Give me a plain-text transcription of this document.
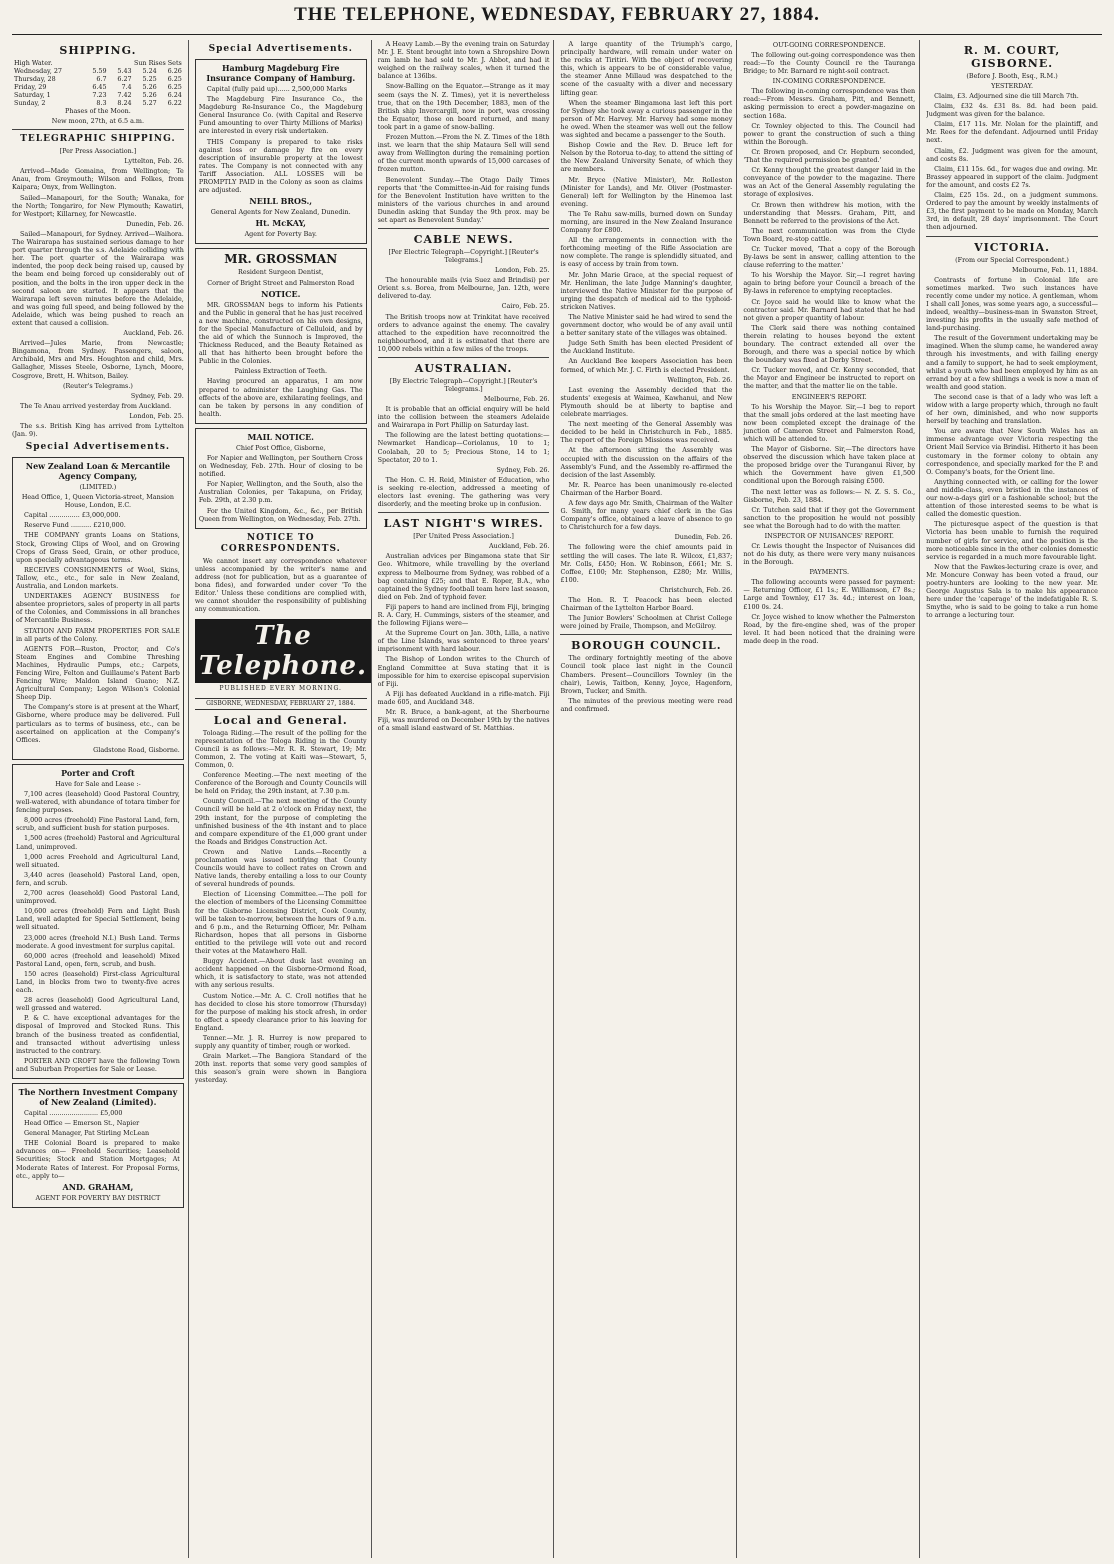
THE TELEPHONE, WEDNESDAY, FEBRUARY 27, 1884.
SHIPPING.
High Water.	Sun Rises Sets			
Wednesday, 27	5.59	5.43	5.24	6.26
Thursday, 28	6.7	6.27	5.25	6.25
Friday, 29	6.45	7.4	5.26	6.25
Saturday, 1	7.23	7.42	5.26	6.24
Sunday, 2	8.3	8.24	5.27	6.22

Phases of the Moon.

New moon, 27th, at 6.5 a.m.

TELEGRAPHIC SHIPPING.
[Per Press Association.]

Lyttelton, Feb. 26.

Arrived—Made Gomaina, from Wellington; Te Anau, from Greymouth; Wilson and Folkes, from Kaipara; Onyx, from Wellington.

Sailed—Manapouri, for the South; Wanaka, for the North; Tongariro, for New Plymouth; Kawatiri, for Westport; Killarney, for Newcastle.

Dunedin, Feb. 26.

Sailed—Manapouri, for Sydney. Arrived—Waihora. The Wairarapa has sustained serious damage to her port quarter through the s.s. Adelaide colliding with her. The port quarter of the Wairarapa was indented, the poop deck being raised up, caused by the beam end being forced up considerably out of position, and the bolts in the iron upper deck in the second saloon are started. It appears that the Wairarapa left seven minutes before the Adelaide, and was going full speed, and being followed by the Adelaide, which was being pushed to reach an extent that caused a collision.

Auckland, Feb. 26.

Arrived—Jules Marie, from Newcastle; Bingamona, from Sydney. Passengers, saloon, Archibald, Mrs and Mrs. Houghton and child, Mrs. Gallagher, Misses Steele, Osborne, Lynch, Moore, Cosgrove, Brett, H. Whitson, Bailey.

(Reuter's Telegrams.)

Sydney, Feb. 29.

The Te Anau arrived yesterday from Auckland.

London, Feb. 25.

The s.s. British King has arrived from Lyttelton (Jan. 9).

Special Advertisements.
New Zealand Loan & Mercantile Agency Company,
(LIMITED.)

Head Office, 1, Queen Victoria-street, Mansion House, London, E.C.

Capital ............... £3,000,000.

Reserve Fund .......... £210,000.

THE COMPANY grants Loans on Stations, Stock, Growing Clips of Wool, and on Growing Crops of Grass Seed, Grain, or other produce, upon specially advantageous terms.

RECEIVES CONSIGNMENTS of Wool, Skins, Tallow, etc., etc., for sale in New Zealand, Australia, and London markets.

UNDERTAKES AGENCY BUSINESS for absentee proprietors, sales of property in all parts of the Colonies, and Commissions in all branches of Mercantile Business.

STATION AND FARM PROPERTIES FOR SALE in all parts of the Colony.

AGENTS FOR—Ruston, Proctor, and Co's Steam Engines and Combine Threshing Machines, Hydraulic Pumps, etc.; Carpets, Fencing Wire, Felton and Guillaume's Patent Barb Fencing Wire; Maldon Island Guano; N.Z. Agricultural Company; Legon Wilson's Colonial Sheep Dip.

The Company's store is at present at the Wharf, Gisborne, where produce may be delivered. Full particulars as to terms of business, etc., can be ascertained on application at the Company's Offices.

Gladstone Road, Gisborne.

Porter and Croft

Have for Sale and Lease :-

7,100 acres (leasehold) Good Pastoral Country, well-watered, with abundance of totara timber for fencing purposes.

8,000 acres (freehold) Fine Pastoral Land, fern, scrub, and sufficient bush for station purposes.

1,500 acres (freehold) Pastoral and Agricultural Land, unimproved.

1,000 acres Freehold and Agricultural Land, well situated.

3,440 acres (leasehold) Pastoral Land, open, fern, and scrub.

2,700 acres (leasehold) Good Pastoral Land, unimproved.

10,600 acres (freehold) Fern and Light Bush Land, well adapted for Special Settlement, being well situated.

23,000 acres (freehold N.I.) Bush Land. Terms moderate. A good investment for surplus capital.

60,000 acres (freehold and leasehold) Mixed Pastoral Land, open, fern, scrub, and bush.

150 acres (leasehold) First-class Agricultural Land, in blocks from two to twenty-five acres each.

28 acres (leasehold) Good Agricultural Land, well grassed and watered.

P. & C. have exceptional advantages for the disposal of Improved and Stocked Runs. This branch of the business treated as confidential, and transacted without advertising unless instructed to the contrary.

PORTER AND CROFT have the following Town and Suburban Properties for Sale or Lease.

The Northern Investment Company of New Zealand (Limited).

Capital ........................ £5,000

Head Office — Emerson St., Napier

General Manager, Pat Stirling McLean

THE Colonial Board is prepared to make advances on— Freehold Securities; Leasehold Securities; Stock and Station Mortgages; At Moderate Rates of Interest. For Proposal Forms, etc., apply to—

AND. GRAHAM,

AGENT FOR POVERTY BAY DISTRICT

Special Advertisements.
Hamburg Magdeburg Fire Insurance Company of Hamburg.

Capital (fully paid up)...... 2,500,000 Marks

The Magdeburg Fire Insurance Co., the Magdeburg Re-Insurance Co., the Magdeburg General Insurance Co. (with Capital and Reserve Fund amounting to over Thirty Millions of Marks) are interested in every risk undertaken.

THIS Company is prepared to take risks against loss or damage by fire on every description of insurable property at the lowest rates. The Company is not connected with any Tariff Association. ALL LOSSES will be PROMPTLY PAID in the Colony as soon as claims are adjusted.

NEILL BROS.,

General Agents for New Zealand, Dunedin.

Ht. McKAY,

Agent for Poverty Bay.

MR. GROSSMAN

Resident Surgeon Dentist,

Corner of Bright Street and Palmerston Road

NOTICE.

MR. GROSSMAN begs to inform his Patients and the Public in general that he has just received a new machine, constructed on his own designs, for the Special Manufacture of Celluloid, and by the aid of which the Sunnoch is Improved, the Thickness Reduced, and the Beauty Retained as all that has hitherto been brought before the Public in the Colonies.

Painless Extraction of Teeth.

Having procured an apparatus, I am now prepared to administer the Laughing Gas. The effects of the above are, exhilarating feelings, and can be taken by persons in any condition of health.

MAIL NOTICE.

Chief Post Office, Gisborne,

For Napier and Wellington, per Southern Cross on Wednesday, Feb. 27th. Hour of closing to be notified.

For Napier, Wellington, and the South, also the Australian Colonies, per Takapuna, on Friday, Feb. 29th, at 2.30 p.m.

For the United Kingdom, &c., &c., per British Queen from Wellington, on Wednesday, Feb. 27th.

NOTICE TO CORRESPONDENTS.

We cannot insert any correspondence whatever unless accompanied by the writer's name and address (not for publication, but as a guarantee of bona fides), and forwarded under cover 'To the Editor.' Unless these conditions are complied with, we cannot shoulder the responsibility of publishing any communication.

The Telephone.
PUBLISHED EVERY MORNING.
GISBORNE, WEDNESDAY, FEBRUARY 27, 1884.
Local and General.

Toloaga Riding.—The result of the polling for the representation of the Tologa Riding in the County Council is as follows:—Mr. R. R. Stewart, 19; Mr. Common, 2. The voting at Kaiti was—Stewart, 5, Common, 0.

Conference Meeting.—The next meeting of the Conference of the Borough and County Councils will be held on Friday, the 29th instant, at 7.30 p.m.

County Council.—The next meeting of the County Council will be held at 2 o'clock on Friday next, the 29th instant, for the purpose of completing the unfinished business of the 4th instant and to place and compare expenditure of the £1,000 grant under the Roads and Bridges Construction Act.

Crown and Native Lands.—Recently a proclamation was issued notifying that County Councils would have to collect rates on Crown and Native lands, thereby entailing a loss to our County of several hundreds of pounds.

Election of Licensing Committee.—The poll for the election of members of the Licensing Committee for the Gisborne Licensing District, Cook County, will be taken to-morrow, between the hours of 9 a.m. and 6 p.m., and the Returning Officer, Mr. Pelham Richardson, hopes that all persons in Gisborne entitled to the privilege will vote out and record their votes at the Matawhero Hall.

Buggy Accident.—About dusk last evening an accident happened on the Gisborne-Ormond Road, which, it is satisfactory to state, was not attended with any serious results.

Custom Notice.—Mr. A. C. Croll notifies that he has decided to close his store tomorrow (Thursday) for the purpose of making his stock afresh, in order to effect a speedy clearance prior to his leaving for England.

Tenner.—Mr. J. R. Hurrey is now prepared to supply any quantity of timber, rough or worked.

Grain Market.—The Bangiora Standard of the 20th inst. reports that some very good samples of this season's grain were shown in Bangiora yesterday.

A Heavy Lamb.—By the evening train on Saturday Mr. J. E. Stent brought into town a Shropshire Down ram lamb he had sold to Mr. J. Abbot, and had it weighed on the railway scales, when it turned the balance at 136lbs.

Snow-Balling on the Equator.—Strange as it may seem (says the N. Z. Times), yet it is nevertheless true, that on the 19th December, 1883, men of the British ship Invercargill, now in port, was crossing the Equator, those on board returned, and many took part in a game of snow-balling.

Frozen Mutton.—From the N. Z. Times of the 18th inst. we learn that the ship Mataura Sell will send away from Wellington during the remaining portion of the current month upwards of 15,000 carcases of frozen mutton.

Benevolent Sunday.—The Otago Daily Times reports that 'the Committee-in-Aid for raising funds for the Benevolent Institution have written to the ministers of the various churches in and around Dunedin asking that Sunday the 9th prox. may be set apart as Benevolent Sunday.'

CABLE NEWS.
[Per Electric Telegraph—Copyright.] [Reuter's Telegrams.]

London, Feb. 25.

The honourable mails (via Suez and Brindisi) per Orient s.s. Borea, from Melbourne, Jan. 12th, were delivered to-day.

Cairo, Feb. 25.

The British troops now at Trinkitat have received orders to advance against the enemy. The cavalry attached to the expedition have reconnoitred the neighbourhood, and it is estimated that there are 10,000 rebels within a few miles of the troops.

AUSTRALIAN.
[By Electric Telegraph—Copyright.] [Reuter's Telegrams.]

Melbourne, Feb. 26.

It is probable that an official enquiry will be held into the collision between the steamers Adelaide and Wairarapa in Port Phillip on Saturday last.

The following are the latest betting quotations:—Newmarket Handicap—Coriolanus, 10 to 1; Coolabah, 20 to 5; Precious Stone, 14 to 1; Spectator, 20 to 1.

Sydney, Feb. 26.

The Hon. C. H. Reid, Minister of Education, who is seeking re-election, addressed a meeting of electors last evening. The gathering was very disorderly, and the meeting broke up in confusion.

LAST NIGHT'S WIRES.
[Per United Press Association.]

Auckland, Feb. 26.

Australian advices per Bingamona state that Sir Geo. Whitmore, while travelling by the overland express to Melbourne from Sydney, was robbed of a bag containing £25; and that E. Roper, B.A., who captained the Sydney football team here last season, died on Feb. 2nd of typhoid fever.

Fiji papers to hand are inclined from Fiji, bringing R. A. Cary, H. Cummings, sisters of the steamer, and the following Fijians were—

At the Supreme Court on Jan. 30th, Lilla, a native of the Line Islands, was sentenced to three years' imprisonment with hard labour.

The Bishop of London writes to the Church of England Committee at Suva stating that it is impossible for him to exercise episcopal supervision of Fiji.

A Fiji has defeated Auckland in a rifle-match. Fiji made 605, and Auckland 348.

Mr. R. Bruce, a bank-agent, at the Sherbourne Fiji, was murdered on December 19th by the natives of a small island eastward of St. Matthias.

A large quantity of the Triumph's cargo, principally hardware, will remain under water on the rocks at Tiritiri. With the object of recovering this, which is appears to be of considerable value, the steamer Anne Millaud was despatched to the scene of the casualty with a diver and necessary lifting gear.

When the steamer Bingamona last left this port for Sydney she took away a curious passenger in the person of Mr. Harvey. Mr. Harvey had some money he owed. When the steamer was well out the fellow was sighted and became a passenger to the South.

Bishop Cowie and the Rev. D. Bruce left for Nelson by the Rotorua to-day, to attend the sitting of the New Zealand University Senate, of which they are members.

Mr. Bryce (Native Minister), Mr. Rolleston (Minister for Lands), and Mr. Oliver (Postmaster-General) left for Wellington by the Hinemoa last evening.

The Te Rahu saw-mills, burned down on Sunday morning, are insured in the New Zealand Insurance Company for £800.

All the arrangements in connection with the forthcoming meeting of the Rifle Association are now complete. The range is splendidly situated, and is easy of access by train from town.

Mr. John Marie Grace, at the special request of Mr. Henliman, the late Judge Manning's daughter, interviewed the Native Minister for the purpose of urging the despatch of medical aid to the typhoid-stricken Natives.

The Native Minister said he had wired to send the government doctor, who would be of any avail until a better sanitary state of the villages was obtained.

Judge Seth Smith has been elected President of the Auckland Institute.

An Auckland Bee keepers Association has been formed, of which Mr. J. C. Firth is elected President.

Wellington, Feb. 26.

Last evening the Assembly decided that the students' exegesis at Waimea, Kawhanui, and New Plymouth should be at liberty to baptise and celebrate marriages.

The next meeting of the General Assembly was decided to be held in Christchurch in Feb., 1885. The report of the Foreign Missions was received.

At the afternoon sitting the Assembly was occupied with the discussion on the affairs of the Assembly's Fund, and the Assembly re-affirmed the decision of the last Assembly.

Mr. R. Pearce has been unanimously re-elected Chairman of the Harbor Board.

A few days ago Mr. Smith, Chairman of the Walter G. Smith, for many years chief clerk in the Gas Company's office, obtained a leave of absence to go to Christchurch for a few days.

Dunedin, Feb. 26.

The following were the chief amounts paid in settling the will cases. The late R. Wilcox, £1,837; Mr. Colls, £450; Hon. W. Robinson, £661; Mr. S. Coffee, £100; Mr. Stephenson, £280; Mr. Willis, £100.

Christchurch, Feb. 26.

The Hon. R. T. Peacock has been elected Chairman of the Lyttelton Harbor Board.

The Junior Bowlers' Schoolmen at Christ College were joined by Fraile, Thompson, and McGilroy.

BOROUGH COUNCIL.

The ordinary fortnightly meeting of the above Council took place last night in the Council Chambers. Present—Councillors Townley (in the chair), Lewis, Taitbon, Kenny, Joyce, Hagenforn, Brown, Tucker, and Smith.

The minutes of the previous meeting were read and confirmed.

OUT-GOING CORRESPONDENCE.

The following out-going correspondence was then read:—To the County Council re the Tauranga Bridge; to Mr. Barnard re night-soil contract.

IN-COMING CORRESPONDENCE.

The following in-coming correspondence was then read:—From Messrs. Graham, Pitt, and Bennett, asking permission to erect a powder-magazine on section 168a.

Cr. Townley objected to this. The Council had power to grant the construction of such a thing within the Borough.

Cr. Brown proposed, and Cr. Hepburn seconded, 'That the required permission be granted.'

Cr. Kenny thought the greatest danger laid in the conveyance of the powder to the magazine. There was an Act of the General Assembly regulating the storage of explosives.

Cr. Brown then withdrew his motion, with the understanding that Messrs. Graham, Pitt, and Bennett be referred to the provisions of the Act.

The next communication was from the Clyde Town Board, re-stop cattle.

Cr. Tucker moved, 'That a copy of the Borough By-laws be sent in answer, calling attention to the clause referring to the matter.'

To his Worship the Mayor. Sir,—I regret having again to bring before your Council a breach of the By-laws in reference to emptying receptacles.

Cr. Joyce said he would like to know what the contractor said. Mr. Barnard had stated that he had not given a proper quantity of labour.

The Clerk said there was nothing contained therein relating to houses beyond the extent boundary. The contract extended all over the Borough, and there was a special notice by which the boundary was fixed at Derby Street.

Cr. Tucker moved, and Cr. Kenny seconded, that the Mayor and Engineer be instructed to report on the matter, and that the matter lie on the table.

ENGINEER'S REPORT.

To his Worship the Mayor. Sir,—I beg to report that the small jobs ordered at the last meeting have now been completed except the drainage of the junction of Cameron Street and Palmerston Road, which will be attended to.

The Mayor of Gisborne. Sir,—The directors have observed the discussion which have taken place at the proposed bridge over the Turanganui River, by which the Government have given £1,500 conditional upon the Borough raising £500.

The next letter was as follows:— N. Z. S. S. Co., Gisborne, Feb. 23, 1884.

Cr. Tutchen said that if they got the Government sanction to the proposition he would not possibly see what the Borough had to do with the matter.

INSPECTOR OF NUISANCES' REPORT.

Cr. Lewis thought the Inspector of Nuisances did not do his duty, as there were very many nuisances in the Borough.

PAYMENTS.

The following accounts were passed for payment:— Returning Officer, £1 1s.; E. Williamson, £7 8s.; Large and Townley, £17 3s. 4d.; interest on loan, £100 0s. 24.

Cr. Joyce wished to know whether the Palmerston Road, by the fire-engine shed, was of the proper level. It had been noticed that the draining were made deep in the road.

R. M. COURT, GISBORNE.
(Before J. Booth, Esq., R.M.)
YESTERDAY.

Claim, £3. Adjourned sine die till March 7th.

Claim, £32 4s. £31 8s. 8d. had been paid. Judgment was given for the balance.

Claim, £17 11s. Mr. Nolan for the plaintiff, and Mr. Rees for the defendant. Adjourned until Friday next.

Claim, £2. Judgment was given for the amount, and costs 8s.

Claim, £11 15s. 6d., for wages due and owing. Mr. Brassey appeared in support of the claim. Judgment for the amount, and costs £2 7s.

Claim, £25 15s. 2d., on a judgment summons. Ordered to pay the amount by weekly instalments of £3, the first payment to be made on Monday, March 3rd, in default, 28 days' imprisonment. The Court then adjourned.

VICTORIA.
(From our Special Correspondent.)

Melbourne, Feb. 11, 1884.

Contrasts of fortune in Colonial life are sometimes marked. Two such instances have recently come under my notice. A gentleman, whom I shall call Jones, was some years ago, a successful—indeed, wealthy—business-man in Swanston Street, investing his profits in the usually safe method of land-purchasing.

The result of the Government undertaking may be imagined. When the slump came, he wandered away through his investments, and with failing energy and a family to support, he had to seek employment, whilst a youth who had been employed by him as an errand boy at a few shillings a week is now a man of wealth and good station.

The second case is that of a lady who was left a widow with a large property which, through no fault of her own, diminished, and who now supports herself by teaching and translation.

You are aware that New South Wales has an immense advantage over Victoria respecting the Orient Mail Service via Brindisi. Hitherto it has been customary in the former colony to obtain any correspondence, and specially marked for the P. and O. Company's boats, for the Orient line.

Anything connected with, or calling for the lower and middle-class, even bristled in the instances of our now-a-days girl or a fashionable school; but the attention of those interested seems to be what is called the domestic question.

The picturesque aspect of the question is that Victoria has been unable to furnish the required number of girls for service, and the position is the more noticeable since in the other colonies domestic service is regarded in a much more favourable light.

Now that the Fawkes-lecturing craze is over, and Mr. Moncure Conway has been voted a fraud, our poetry-hunters are looking to the new year. Mr. George Augustus Sala is to make his appearance here under the 'caperage' of the indefatigable R. S. Smythe, who is said to be going to take a run home to arrange a lecturing tour.
